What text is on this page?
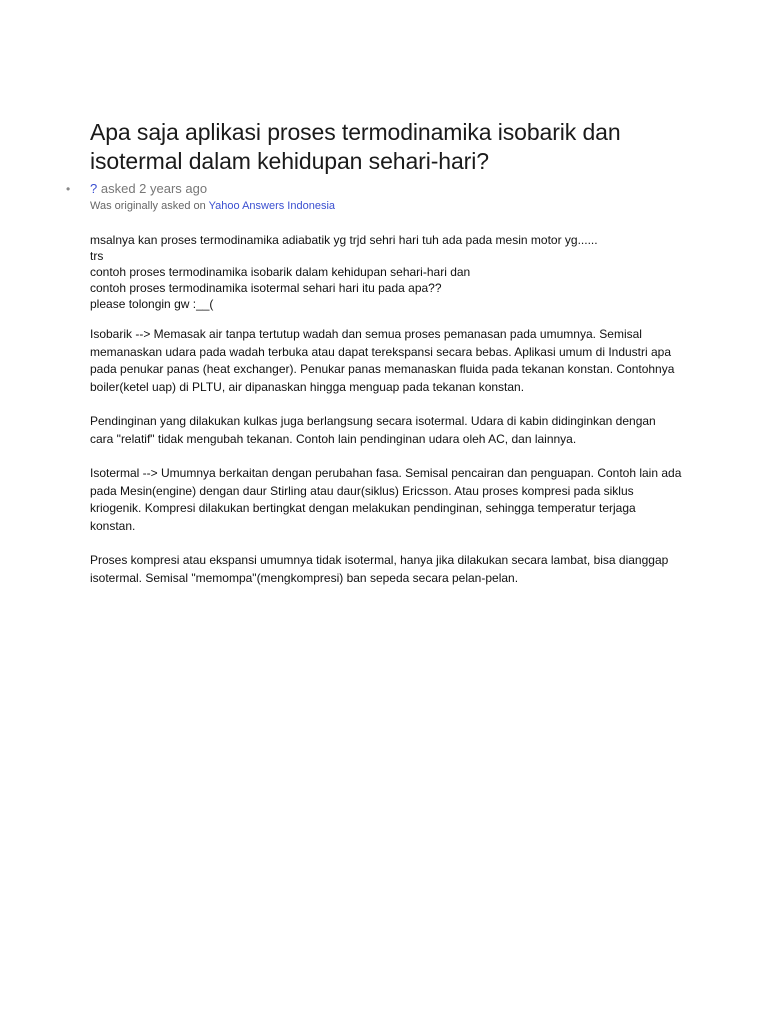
Apa saja aplikasi proses termodinamika isobarik dan isotermal dalam kehidupan sehari-hari?
• ? asked 2 years ago
Was originally asked on Yahoo Answers Indonesia
msalnya kan proses termodinamika adiabatik yg trjd sehri hari tuh ada pada mesin motor yg......
trs
contoh proses termodinamika isobarik dalam kehidupan sehari-hari dan
contoh proses termodinamika isotermal sehari hari itu pada apa??
please tolongin gw :__(

Isobarik --> Memasak air tanpa tertutup wadah dan semua proses pemanasan pada umumnya. Semisal memanaskan udara pada wadah terbuka atau dapat terekspansi secara bebas. Aplikasi umum di Industri apa pada penukar panas (heat exchanger). Penukar panas memanaskan fluida pada tekanan konstan. Contohnya boiler(ketel uap) di PLTU, air dipanaskan hingga menguap pada tekanan konstan.

Pendinginan yang dilakukan kulkas juga berlangsung secara isotermal. Udara di kabin didinginkan dengan cara "relatif" tidak mengubah tekanan. Contoh lain pendinginan udara oleh AC, dan lainnya.

Isotermal --> Umumnya berkaitan dengan perubahan fasa. Semisal pencairan dan penguapan. Contoh lain ada pada Mesin(engine) dengan daur Stirling atau daur(siklus) Ericsson. Atau proses kompresi pada siklus kriogenik. Kompresi dilakukan bertingkat dengan melakukan pendinginan, sehingga temperatur terjaga konstan.

Proses kompresi atau ekspansi umumnya tidak isotermal, hanya jika dilakukan secara lambat, bisa dianggap isotermal. Semisal "memompa"(mengkompresi) ban sepeda secara pelan-pelan.
